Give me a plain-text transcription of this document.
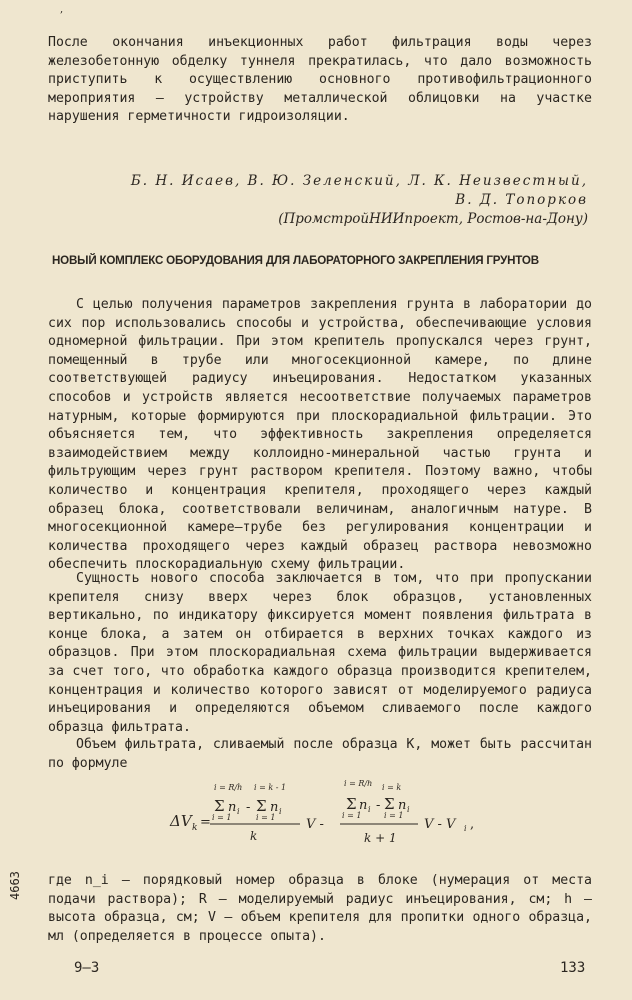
,

После окончания инъекционных работ фильтрация воды через железобетонную обделку туннеля прекратилась, что дало возможность приступить к осуществлению основного противофильтрационного мероприятия – устройству металлической облицовки на участке нарушения герметичности гидроизоляции.

Б. Н. Исаев, В. Ю. Зеленский, Л. К. Неизвестный,
В. Д. Топорков
(ПромстройНИИпроект, Ростов-на-Дону)
НОВЫЙ КОМПЛЕКС ОБОРУДОВАНИЯ ДЛЯ ЛАБОРАТОРНОГО ЗАКРЕПЛЕНИЯ ГРУНТОВ

С целью получения параметров закрепления грунта в лаборатории до сих пор использовались способы и устройства, обеспечивающие условия одномерной фильтрации. При этом крепитель пропускался через грунт, помещенный в трубе или многосекционной камере, по длине соответствующей радиусу инъецирования. Недостатком указанных способов и устройств является несоответствие получаемых параметров натурным, которые формируются при плоскорадиальной фильтрации. Это объясняется тем, что эффективность закрепления определяется взаимодействием между коллоидно-минеральной частью грунта и фильтрующим через грунт раствором крепителя. Поэтому важно, чтобы количество и концентрация крепителя, проходящего через каждый образец блока, соответствовали величинам, аналогичным натуре. В многосекционной камере–трубе без регулирования концентрации и количества проходящего через каждый образец раствора невозможно обеспечить плоскорадиальную схему фильтрации.

Сущность нового способа заключается в том, что при пропускании крепителя снизу вверх через блок образцов, установленных вертикально, по индикатору фиксируется момент появления фильтрата в конце блока, а затем он отбирается в верхних точках каждого из образцов. При этом плоскорадиальная схема фильтрации выдерживается за счет того, что обработка каждого образца производится крепителем, концентрация и количество которого зависят от моделируемого радиуса инъецирования и определяются объемом сливаемого после каждого образца фильтрата.

Объем фильтрата, сливаемый после образца К, может быть рассчитан по формуле

ΔV k =
i = R/h
Σ
i = 1
n i -
i = k - 1
Σ
i = 1
n i
k
V -
i = R/h
Σ
i = 1
n i -
i = k
Σ
i = 1
n i
k + 1
V - V i ,

где n_i – порядковый номер образца в блоке (нумерация от места подачи раствора); R – моделируемый радиус инъецирования, см; h – высота образца, см; V – объем крепителя для пропитки одного образца, мл (определяется в процессе опыта).

4663
9–3	133
